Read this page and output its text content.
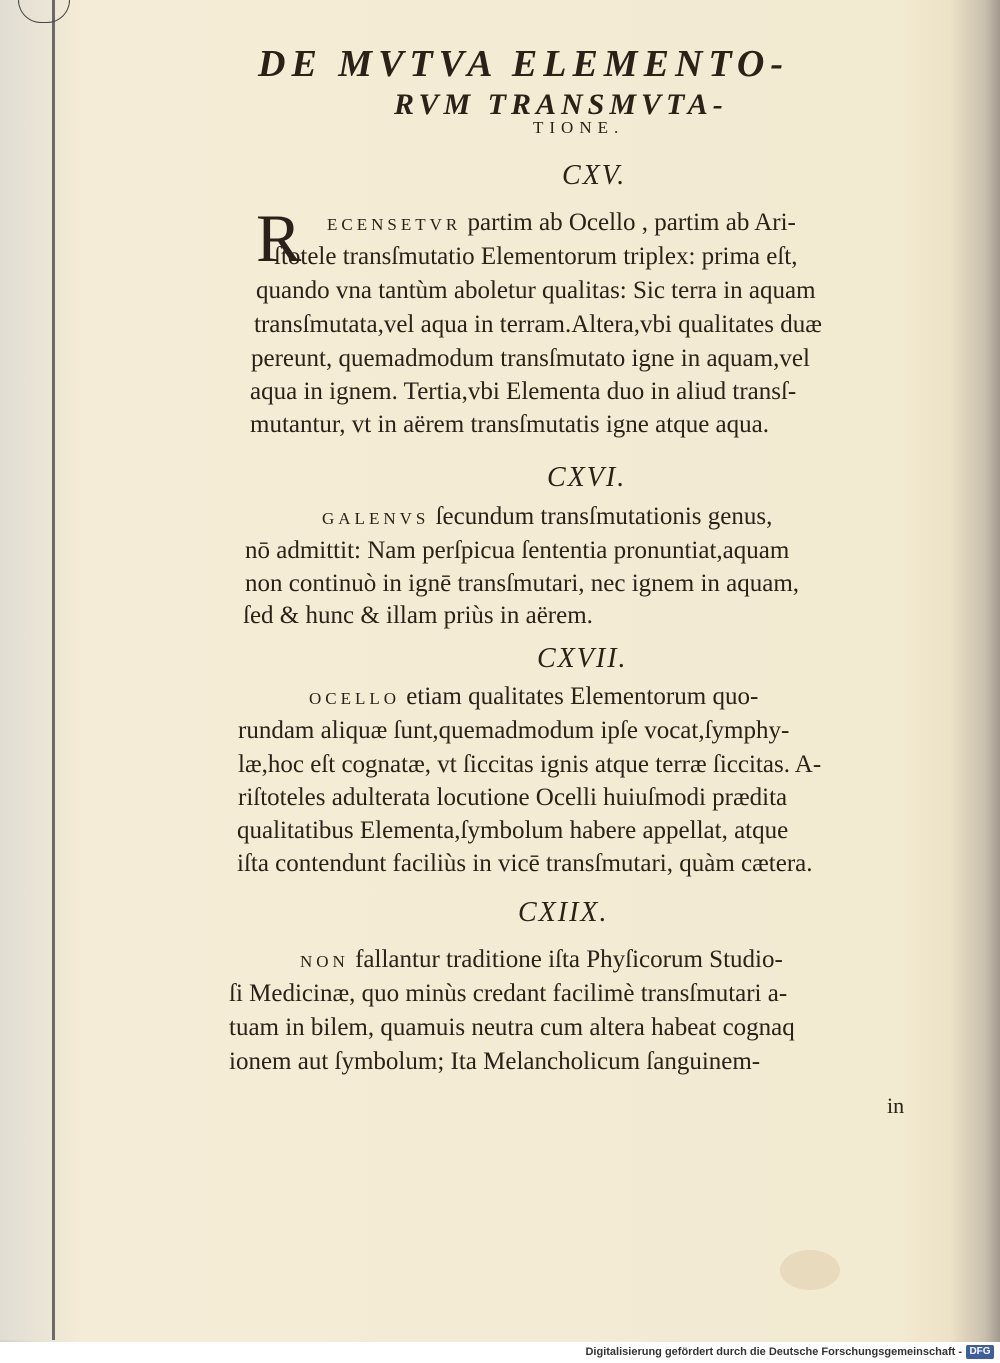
DE MVTVA ELEMENTO-
RVM TRANSMVTA-
TIONE.
CXV.
R ECENSETVR partim ab Ocello , partim ab Ari-
ſtotele transſmutatio Elementorum triplex: prima eſt,
quando vna tantùm aboletur qualitas: Sic terra in aquam
transſmutata,vel aqua in terram.Altera,vbi qualitates duæ
pereunt, quemadmodum transſmutato igne in aquam,vel
aqua in ignem. Tertia,vbi Elementa duo in aliud transſ-
mutantur, vt in aërem transſmutatis igne atque aqua.
CXVI.
GALENVS ſecundum transſmutationis genus,
nō admittit: Nam perſpicua ſententia pronuntiat,aquam
non continuò in ignē transſmutari, nec ignem in aquam,
ſed & hunc & illam priùs in aërem.
CXVII.
OCELLO etiam qualitates Elementorum quo-
rundam aliquæ ſunt,quemadmodum ipſe vocat,ſymphy-
læ,hoc eſt cognatæ, vt ſiccitas ignis atque terræ ſiccitas. A-
riſtoteles adulterata locutione Ocelli huiuſmodi prædita
qualitatibus Elementa,ſymbolum habere appellat, atque
iſta contendunt faciliùs in vicē transſmutari, quàm cætera.
CXIIX.
NON fallantur traditione iſta Phyſicorum Studio-
ſi Medicinæ, quo minùs credant facilimè transſmutari a-
tuam in bilem, quamuis neutra cum altera habeat cognaq
ionem aut ſymbolum; Ita Melancholicum ſanguinem-
in
Digitalisierung gefördert durch die Deutsche Forschungsgemeinschaft - DFG
